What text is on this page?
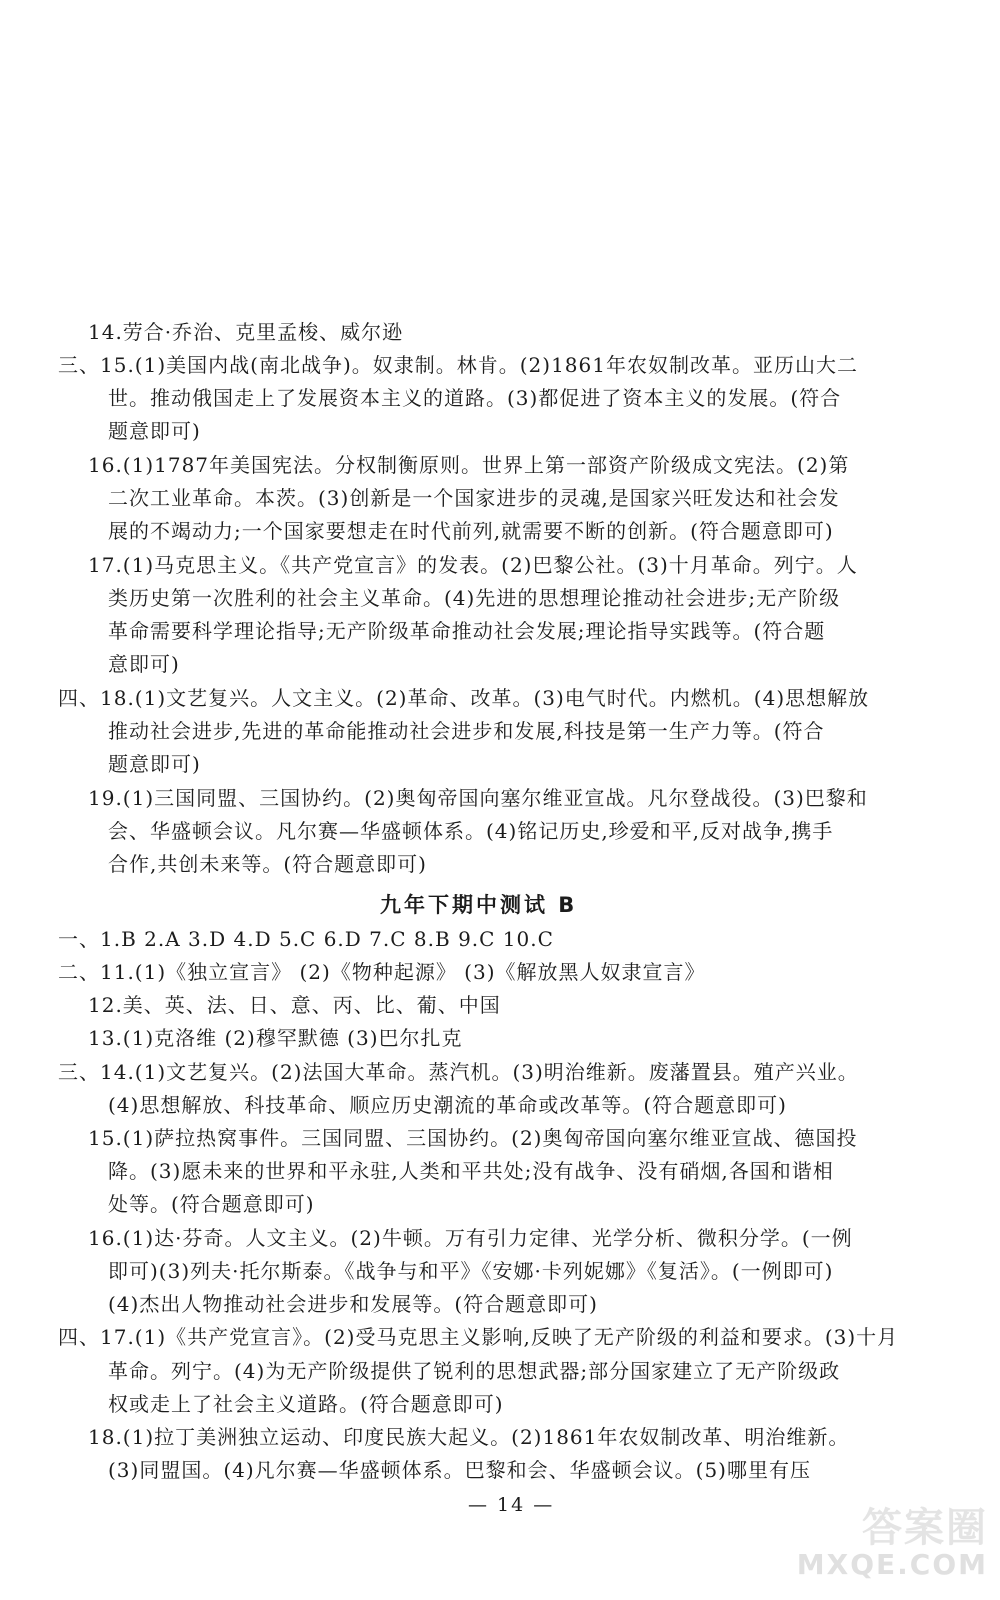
14.劳合·乔治、克里孟梭、威尔逊
三、15.(1)美国内战(南北战争)。奴隶制。林肯。(2)1861年农奴制改革。亚历山大二
世。推动俄国走上了发展资本主义的道路。(3)都促进了资本主义的发展。(符合
题意即可)
16.(1)1787年美国宪法。分权制衡原则。世界上第一部资产阶级成文宪法。(2)第
二次工业革命。本茨。(3)创新是一个国家进步的灵魂,是国家兴旺发达和社会发
展的不竭动力;一个国家要想走在时代前列,就需要不断的创新。(符合题意即可)
17.(1)马克思主义。《共产党宣言》的发表。(2)巴黎公社。(3)十月革命。列宁。人
类历史第一次胜利的社会主义革命。(4)先进的思想理论推动社会进步;无产阶级
革命需要科学理论指导;无产阶级革命推动社会发展;理论指导实践等。(符合题
意即可)
四、18.(1)文艺复兴。人文主义。(2)革命、改革。(3)电气时代。内燃机。(4)思想解放
推动社会进步,先进的革命能推动社会进步和发展,科技是第一生产力等。(符合
题意即可)
19.(1)三国同盟、三国协约。(2)奥匈帝国向塞尔维亚宣战。凡尔登战役。(3)巴黎和
会、华盛顿会议。凡尔赛—华盛顿体系。(4)铭记历史,珍爱和平,反对战争,携手
合作,共创未来等。(符合题意即可)
九年下期中测试 B
一、1.B 2.A 3.D 4.D 5.C 6.D 7.C 8.B 9.C 10.C
二、11.(1)《独立宣言》 (2)《物种起源》 (3)《解放黑人奴隶宣言》
12.美、英、法、日、意、丙、比、葡、中国
13.(1)克洛维 (2)穆罕默德 (3)巴尔扎克
三、14.(1)文艺复兴。(2)法国大革命。蒸汽机。(3)明治维新。废藩置县。殖产兴业。
(4)思想解放、科技革命、顺应历史潮流的革命或改革等。(符合题意即可)
15.(1)萨拉热窝事件。三国同盟、三国协约。(2)奥匈帝国向塞尔维亚宣战、德国投
降。(3)愿未来的世界和平永驻,人类和平共处;没有战争、没有硝烟,各国和谐相
处等。(符合题意即可)
16.(1)达·芬奇。人文主义。(2)牛顿。万有引力定律、光学分析、微积分学。(一例
即可)(3)列夫·托尔斯泰。《战争与和平》《安娜·卡列妮娜》《复活》。(一例即可)
(4)杰出人物推动社会进步和发展等。(符合题意即可)
四、17.(1)《共产党宣言》。(2)受马克思主义影响,反映了无产阶级的利益和要求。(3)十月
革命。列宁。(4)为无产阶级提供了锐利的思想武器;部分国家建立了无产阶级政
权或走上了社会主义道路。(符合题意即可)
18.(1)拉丁美洲独立运动、印度民族大起义。(2)1861年农奴制改革、明治维新。
(3)同盟国。(4)凡尔赛—华盛顿体系。巴黎和会、华盛顿会议。(5)哪里有压
— 14 —	答案圈
MXQE.COM
